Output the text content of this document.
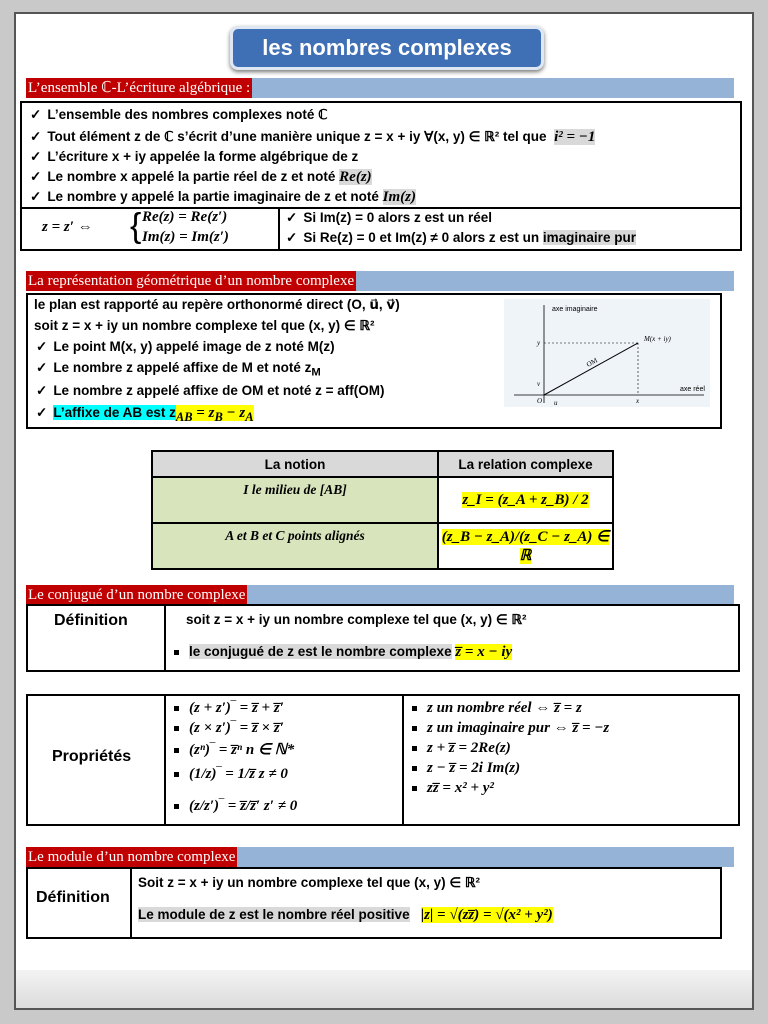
les nombres complexes
L’ensemble ℂ-L’écriture algébrique :
✓ L’ensemble des nombres complexes noté ℂ
✓ Tout élément z de ℂ s’écrit d’une manière unique z = x + iy ∀(x, y) ∈ ℝ² tel que i² = −1
✓ L’écriture x + iy appelée la forme algébrique de z
✓ Le nombre x appelé la partie réel de z et noté Re(z)
✓ Le nombre y appelé la partie imaginaire de z et noté Im(z)
z = z′ ⇔ { Re(z) = Re(z′)
Im(z) = Im(z′)
✓ Si Im(z) = 0 alors z est un réel
✓ Si Re(z) = 0 et Im(z) ≠ 0 alors z est un imaginaire pur
La représentation géométrique d’un nombre complexe
le plan est rapporté au repère orthonormé direct (O, u⃗, v⃗)
soit z = x + iy un nombre complexe tel que (x, y) ∈ ℝ²
✓ Le point M(x, y) appelé image de z noté M(z)
✓ Le nombre z appelé affixe de M et noté $z_M$
✓ Le nombre z appelé affixe de OM et noté z = aff(OM)
✓ L’affixe de AB est $z_{AB} = z_B - z_A$
axe imaginaire
axe réel
M(x + iy)
OM
O u
v
x
y
La notion	La relation complexe
I le milieu de [AB]	z_I = (z_A + z_B) / 2
A et B et C points alignés	(z_B − z_A)/(z_C − z_A) ∈ ℝ
Le conjugué d’un nombre complexe
Définition	soit z = x + iy un nombre complexe tel que (x, y) ∈ ℝ²
le conjugué de z est le nombre complexe z̅ = x − iy
Propriétés
(z + z′)‾ = z̅ + z̅′
(z × z′)‾ = z̅ × z̅′
(zⁿ)‾ = z̅ⁿ n ∈ ℕ*
(1/z)‾ = 1/z̅ z ≠ 0
(z/z′)‾ = z̅/z̅′ z′ ≠ 0
z un nombre réel ⇔ z̅ = z
z un imaginaire pur ⇔ z̅ = −z
z + z̅ = 2Re(z)
z − z̅ = 2i Im(z)
zz̅ = x² + y²
Le module d’un nombre complexe
Définition
Soit z = x + iy un nombre complexe tel que (x, y) ∈ ℝ²
Le module de z est le nombre réel positive |z| = √(zz̅) = √(x² + y²)
